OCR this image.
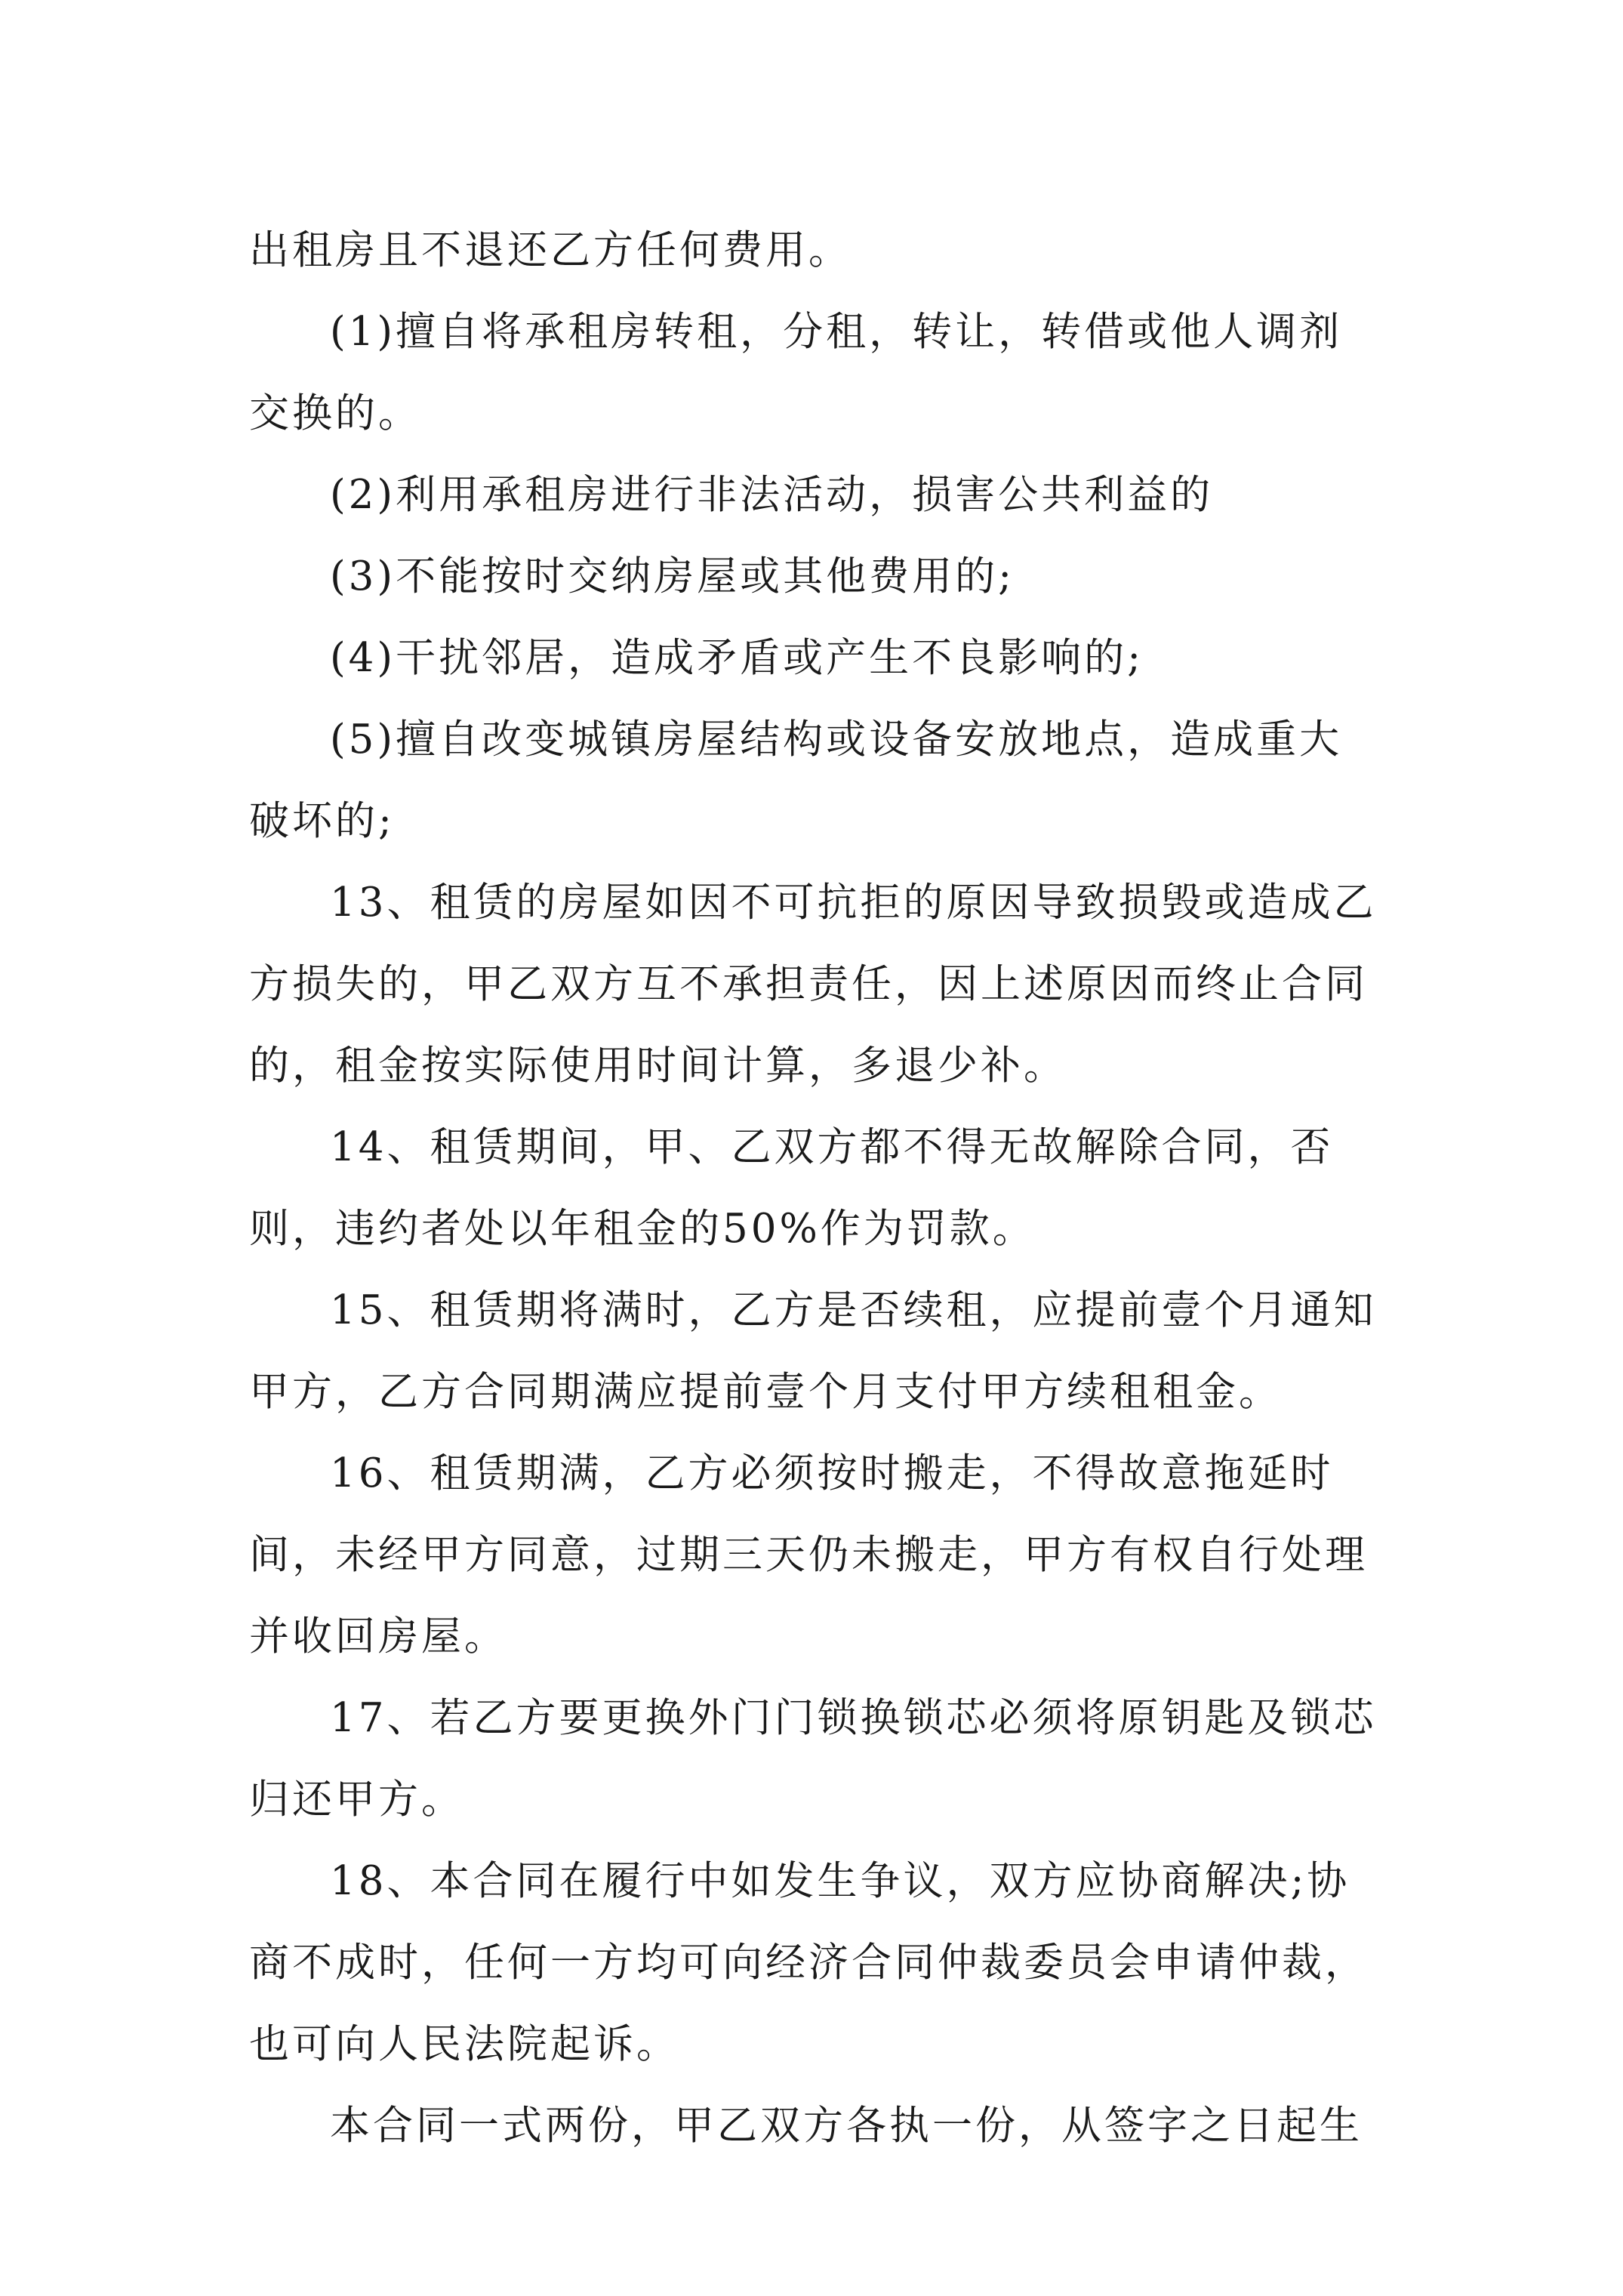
出租房且不退还乙方任何费用。

(1)擅自将承租房转租，分租，转让，转借或他人调剂交换的。

(2)利用承租房进行非法活动，损害公共利益的

(3)不能按时交纳房屋或其他费用的;

(4)干扰邻居，造成矛盾或产生不良影响的;

(5)擅自改变城镇房屋结构或设备安放地点，造成重大破坏的;

13、租赁的房屋如因不可抗拒的原因导致损毁或造成乙方损失的，甲乙双方互不承担责任，因上述原因而终止合同的，租金按实际使用时间计算，多退少补。

14、租赁期间，甲、乙双方都不得无故解除合同，否则，违约者处以年租金的50%作为罚款。

15、租赁期将满时，乙方是否续租，应提前壹个月通知甲方，乙方合同期满应提前壹个月支付甲方续租租金。

16、租赁期满，乙方必须按时搬走，不得故意拖延时间，未经甲方同意，过期三天仍未搬走，甲方有权自行处理并收回房屋。

17、若乙方要更换外门门锁换锁芯必须将原钥匙及锁芯归还甲方。

18、本合同在履行中如发生争议，双方应协商解决;协商不成时，任何一方均可向经济合同仲裁委员会申请仲裁，也可向人民法院起诉。

本合同一式两份，甲乙双方各执一份，从签字之日起生
